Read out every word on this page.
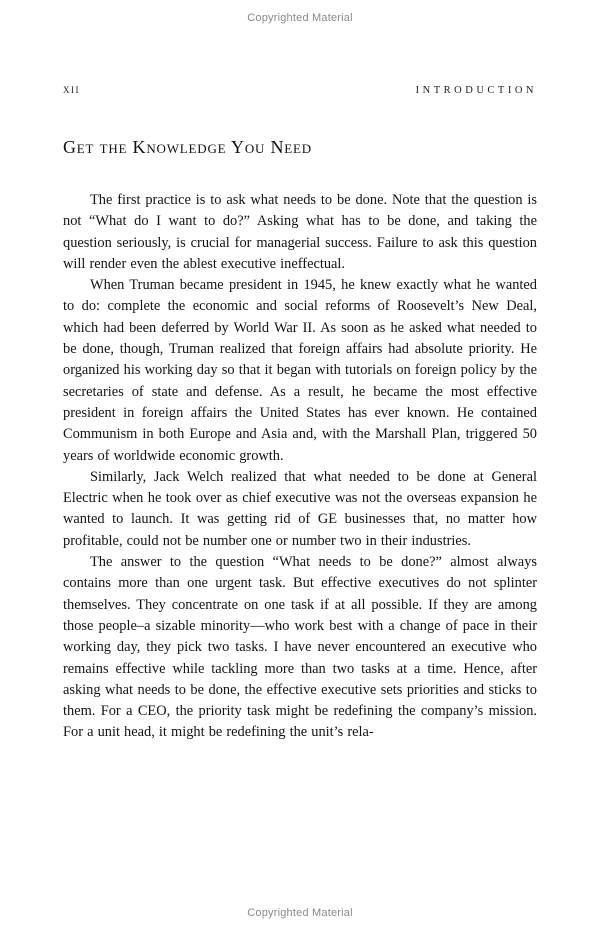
Copyrighted Material
xii	INTRODUCTION
Get the Knowledge You Need

The first practice is to ask what needs to be done. Note that the question is not “What do I want to do?” Asking what has to be done, and taking the question seriously, is crucial for managerial success. Failure to ask this question will render even the ablest executive ineffectual.

When Truman became president in 1945, he knew exactly what he wanted to do: complete the economic and social reforms of Roosevelt’s New Deal, which had been deferred by World War II. As soon as he asked what needed to be done, though, Truman realized that foreign affairs had absolute priority. He organized his working day so that it began with tutorials on foreign policy by the secretaries of state and defense. As a result, he became the most effective president in foreign affairs the United States has ever known. He contained Communism in both Europe and Asia and, with the Marshall Plan, triggered 50 years of worldwide economic growth.

Similarly, Jack Welch realized that what needed to be done at General Electric when he took over as chief executive was not the overseas expansion he wanted to launch. It was getting rid of GE businesses that, no matter how profitable, could not be number one or number two in their industries.

The answer to the question “What needs to be done?” almost always contains more than one urgent task. But effective executives do not splinter themselves. They concentrate on one task if at all possible. If they are among those people–a sizable minority—who work best with a change of pace in their working day, they pick two tasks. I have never encountered an executive who remains effective while tackling more than two tasks at a time. Hence, after asking what needs to be done, the effective executive sets priorities and sticks to them. For a CEO, the priority task might be redefining the company’s mission. For a unit head, it might be redefining the unit’s rela-

Copyrighted Material
